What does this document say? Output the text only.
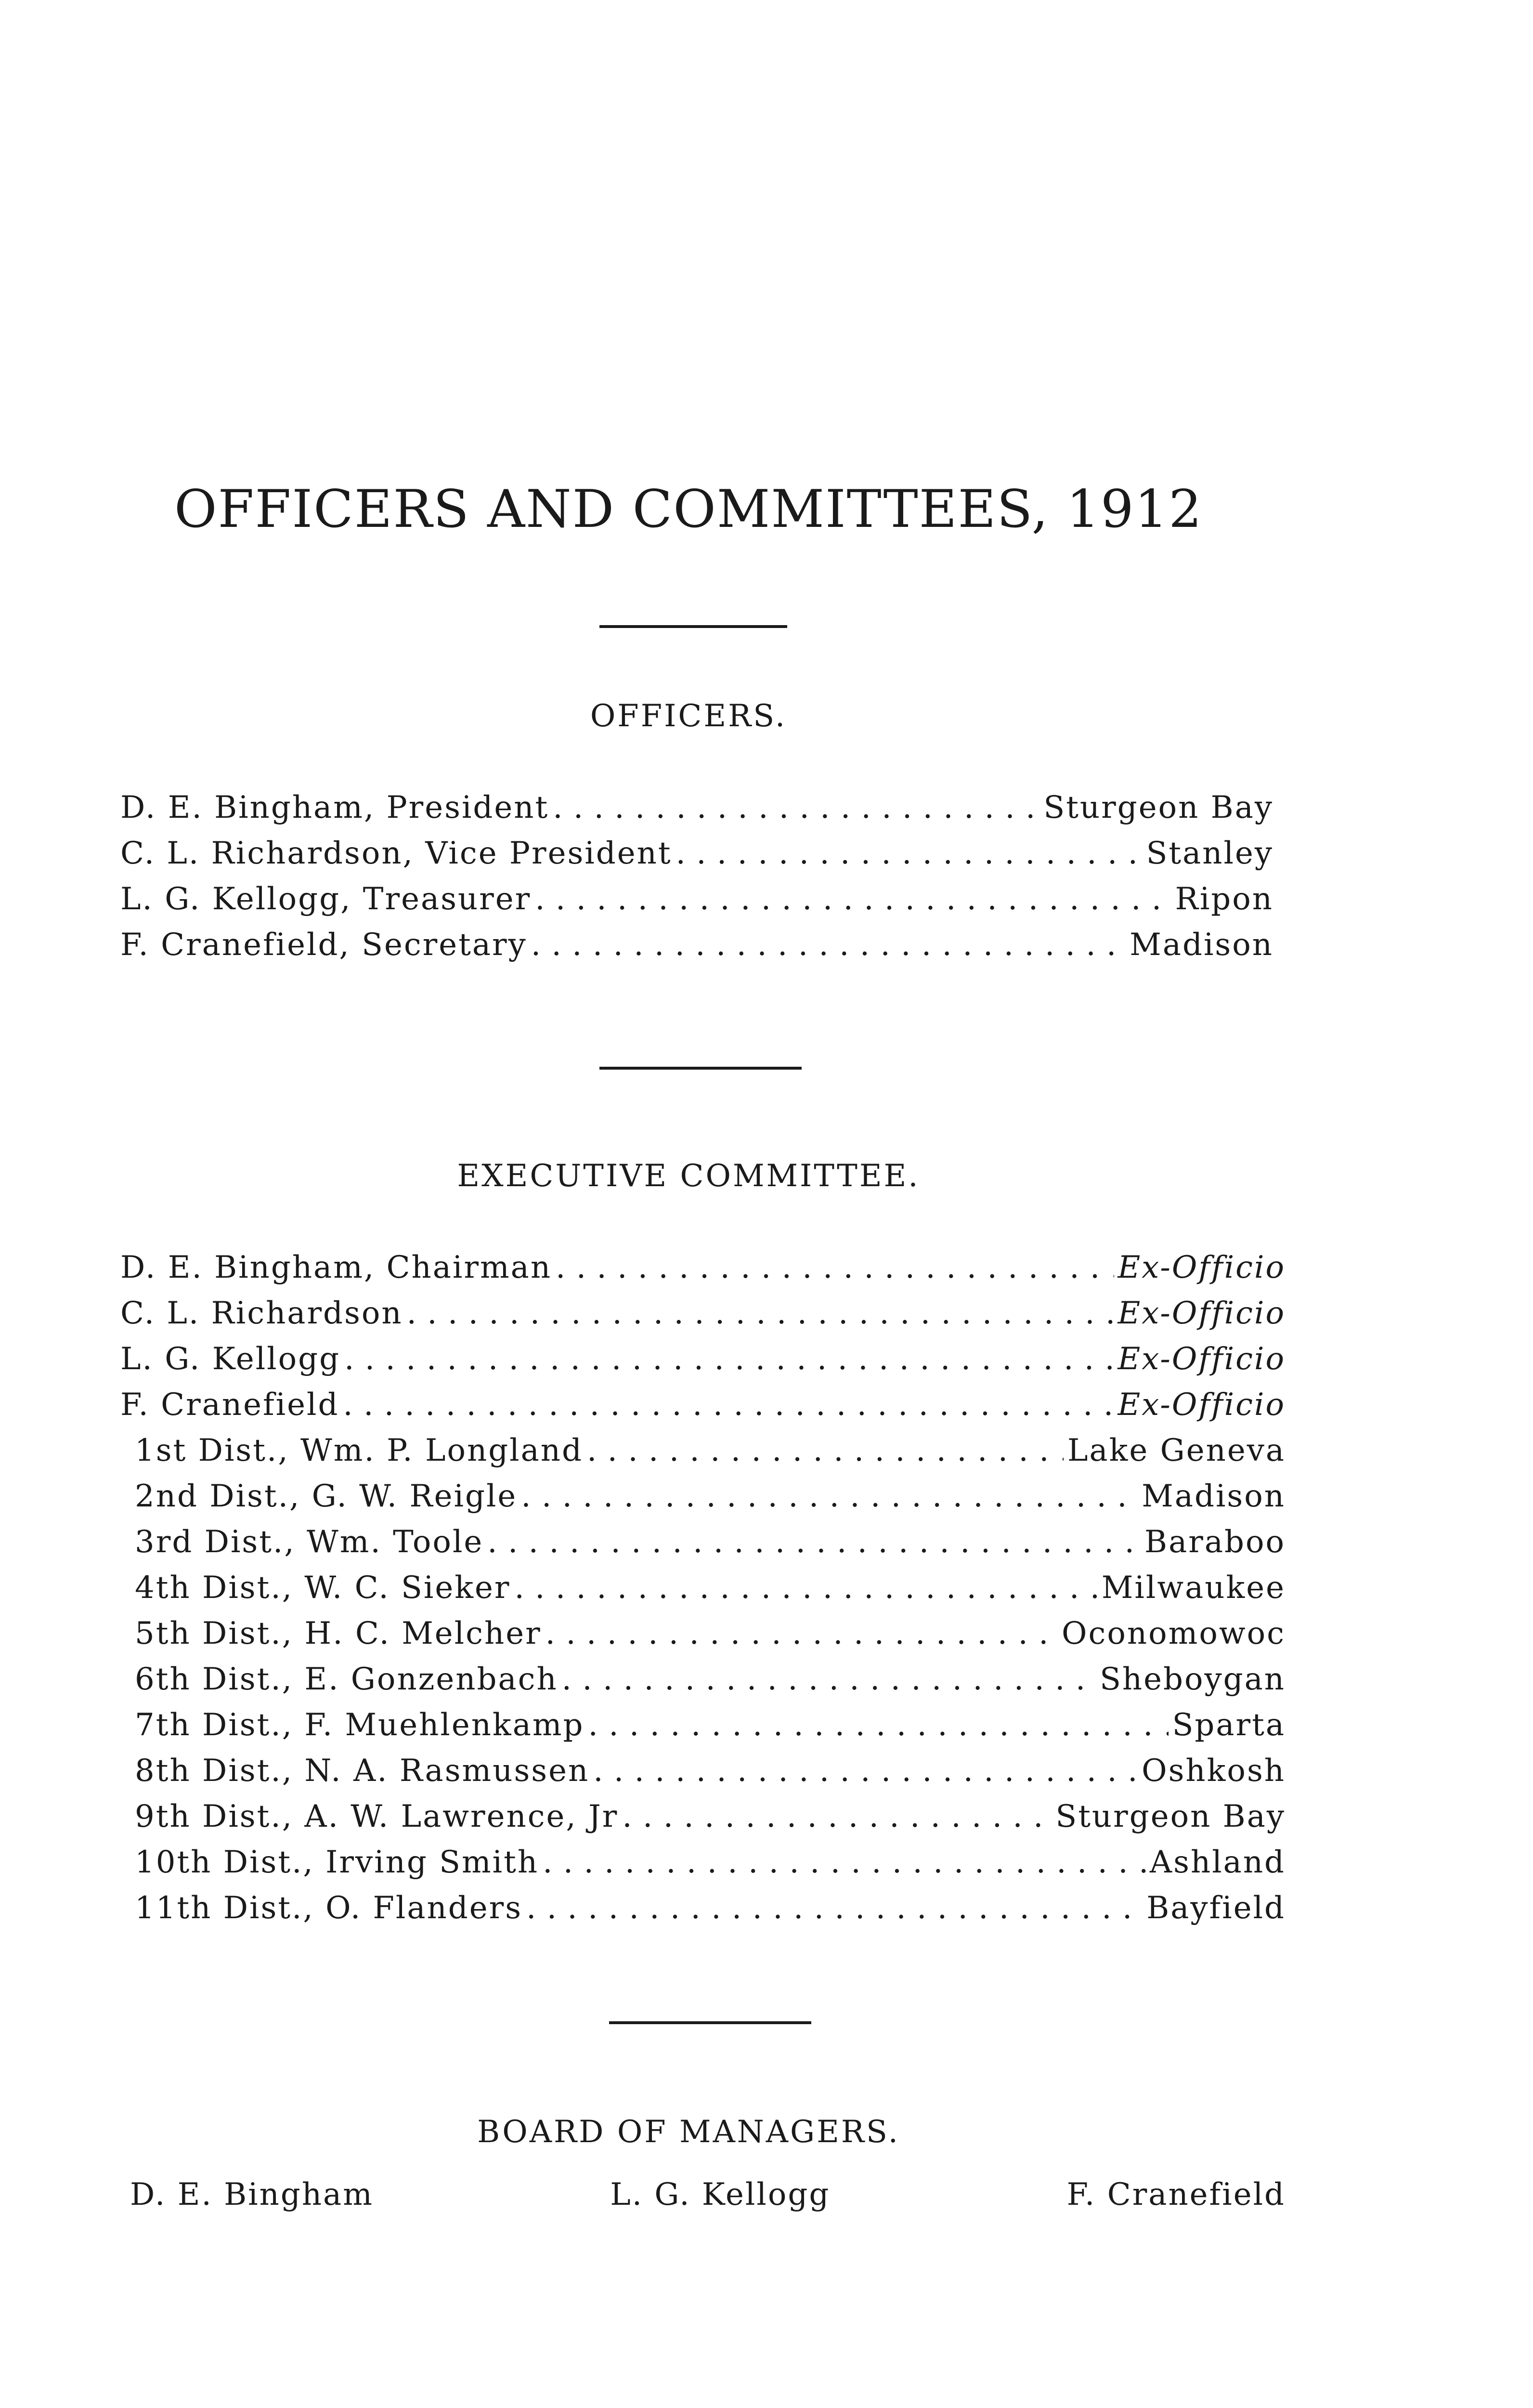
OFFICERS AND COMMITTEES, 1912
OFFICERS.
D. E. Bingham, President . . .	Sturgeon Bay
C. L. Richardson, Vice President . . .	Stanley
L. G. Kellogg, Treasurer . . .	Ripon
F. Cranefield, Secretary . . .	Madison
EXECUTIVE COMMITTEE.
D. E. Bingham, Chairman . . .	Ex-Officio
C. L. Richardson . . .	Ex-Officio
L. G. Kellogg . . .	Ex-Officio
F. Cranefield . . .	Ex-Officio
1st Dist., Wm. P. Longland . . .	Lake Geneva
2nd Dist., G. W. Reigle . . .	Madison
3rd Dist., Wm. Toole . . .	Baraboo
4th Dist., W. C. Sieker . . .	Milwaukee
5th Dist., H. C. Melcher . . .	Oconomowoc
6th Dist., E. Gonzenbach . . .	Sheboygan
7th Dist., F. Muehlenkamp . . .	Sparta
8th Dist., N. A. Rasmussen . . .	Oshkosh
9th Dist., A. W. Lawrence, Jr . . .	Sturgeon Bay
10th Dist., Irving Smith . . .	Ashland
11th Dist., O. Flanders . . .	Bayfield
BOARD OF MANAGERS.
D. E. Bingham	L. G. Kellogg	F. Cranefield
